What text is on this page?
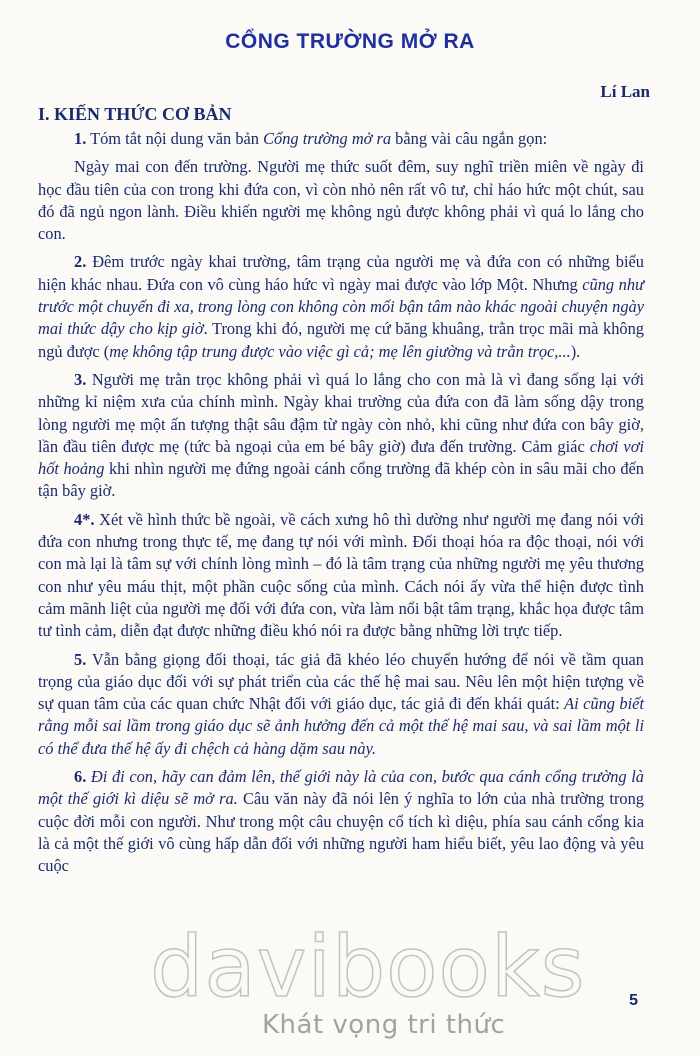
CỔNG TRƯỜNG MỞ RA
Lí Lan
I. KIẾN THỨC CƠ BẢN

1. Tóm tắt nội dung văn bản Cổng trường mở ra bằng vài câu ngắn gọn:

Ngày mai con đến trường. Người mẹ thức suốt đêm, suy nghĩ triền miên về ngày đi học đầu tiên của con trong khi đứa con, vì còn nhỏ nên rất vô tư, chỉ háo hức một chút, sau đó đã ngủ ngon lành. Điều khiến người mẹ không ngủ được không phải vì quá lo lắng cho con.

2. Đêm trước ngày khai trường, tâm trạng của người mẹ và đứa con có những biểu hiện khác nhau. Đứa con vô cùng háo hức vì ngày mai được vào lớp Một. Nhưng cũng như trước một chuyến đi xa, trong lòng con không còn mối bận tâm nào khác ngoài chuyện ngày mai thức dậy cho kịp giờ. Trong khi đó, người mẹ cứ băng khuâng, trằn trọc mãi mà không ngủ được (mẹ không tập trung được vào việc gì cả; mẹ lên giường và trằn trọc,...).

3. Người mẹ trằn trọc không phải vì quá lo lắng cho con mà là vì đang sống lại với những kỉ niệm xưa của chính mình. Ngày khai trường của đứa con đã làm sống dậy trong lòng người mẹ một ấn tượng thật sâu đậm từ ngày còn nhỏ, khi cũng như đứa con bây giờ, lần đầu tiên được mẹ (tức bà ngoại của em bé bây giờ) đưa đến trường. Cảm giác chơi vơi hốt hoảng khi nhìn người mẹ đứng ngoài cánh cổng trường đã khép còn in sâu mãi cho đến tận bây giờ.

4*. Xét về hình thức bề ngoài, về cách xưng hô thì dường như người mẹ đang nói với đứa con nhưng trong thực tế, mẹ đang tự nói với mình. Đối thoại hóa ra độc thoại, nói với con mà lại là tâm sự với chính lòng mình – đó là tâm trạng của những người mẹ yêu thương con như yêu máu thịt, một phần cuộc sống của mình. Cách nói ấy vừa thể hiện được tình cảm mãnh liệt của người mẹ đối với đứa con, vừa làm nổi bật tâm trạng, khắc họa được tâm tư tình cảm, diễn đạt được những điều khó nói ra được bằng những lời trực tiếp.

5. Vẫn bằng giọng đối thoại, tác giả đã khéo léo chuyển hướng để nói về tầm quan trọng của giáo dục đối với sự phát triển của các thế hệ mai sau. Nêu lên một hiện tượng về sự quan tâm của các quan chức Nhật đối với giáo dục, tác giả đi đến khái quát: Ai cũng biết rằng mỗi sai lầm trong giáo dục sẽ ảnh hưởng đến cả một thế hệ mai sau, và sai lầm một li có thể đưa thế hệ ấy đi chệch cả hàng dặm sau này.

6. Đi đi con, hãy can đảm lên, thế giới này là của con, bước qua cánh cổng trường là một thế giới kì diệu sẽ mở ra. Câu văn này đã nói lên ý nghĩa to lớn của nhà trường trong cuộc đời mỗi con người. Như trong một câu chuyện cổ tích kì diệu, phía sau cánh cổng kia là cả một thế giới vô cùng hấp dẫn đối với những người ham hiểu biết, yêu lao động và yêu cuộc

davibooks	5
Khát vọng tri thức
